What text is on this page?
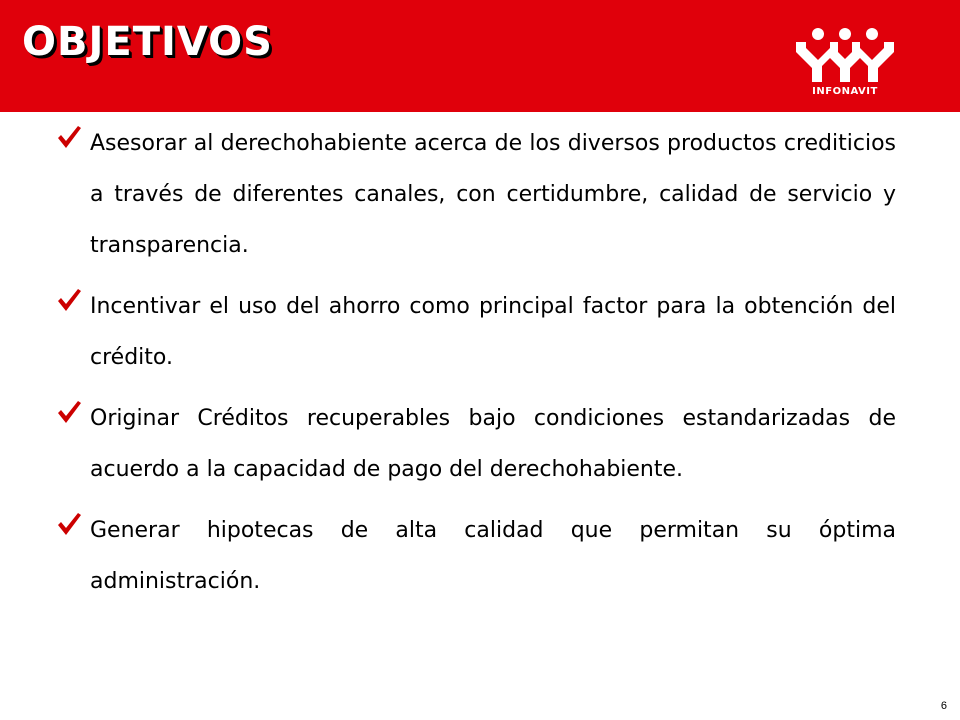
OBJETIVOS
INFONAVIT
Asesorar al derechohabiente acerca de los diversos productos crediticios a través de diferentes canales, con certidumbre, calidad de servicio y transparencia.
Incentivar el uso del ahorro como principal factor para la obtención del crédito.
Originar Créditos recuperables bajo condiciones estandarizadas de acuerdo a la capacidad de pago del derechohabiente.
Generar hipotecas de alta calidad que permitan su óptima administración.
6
